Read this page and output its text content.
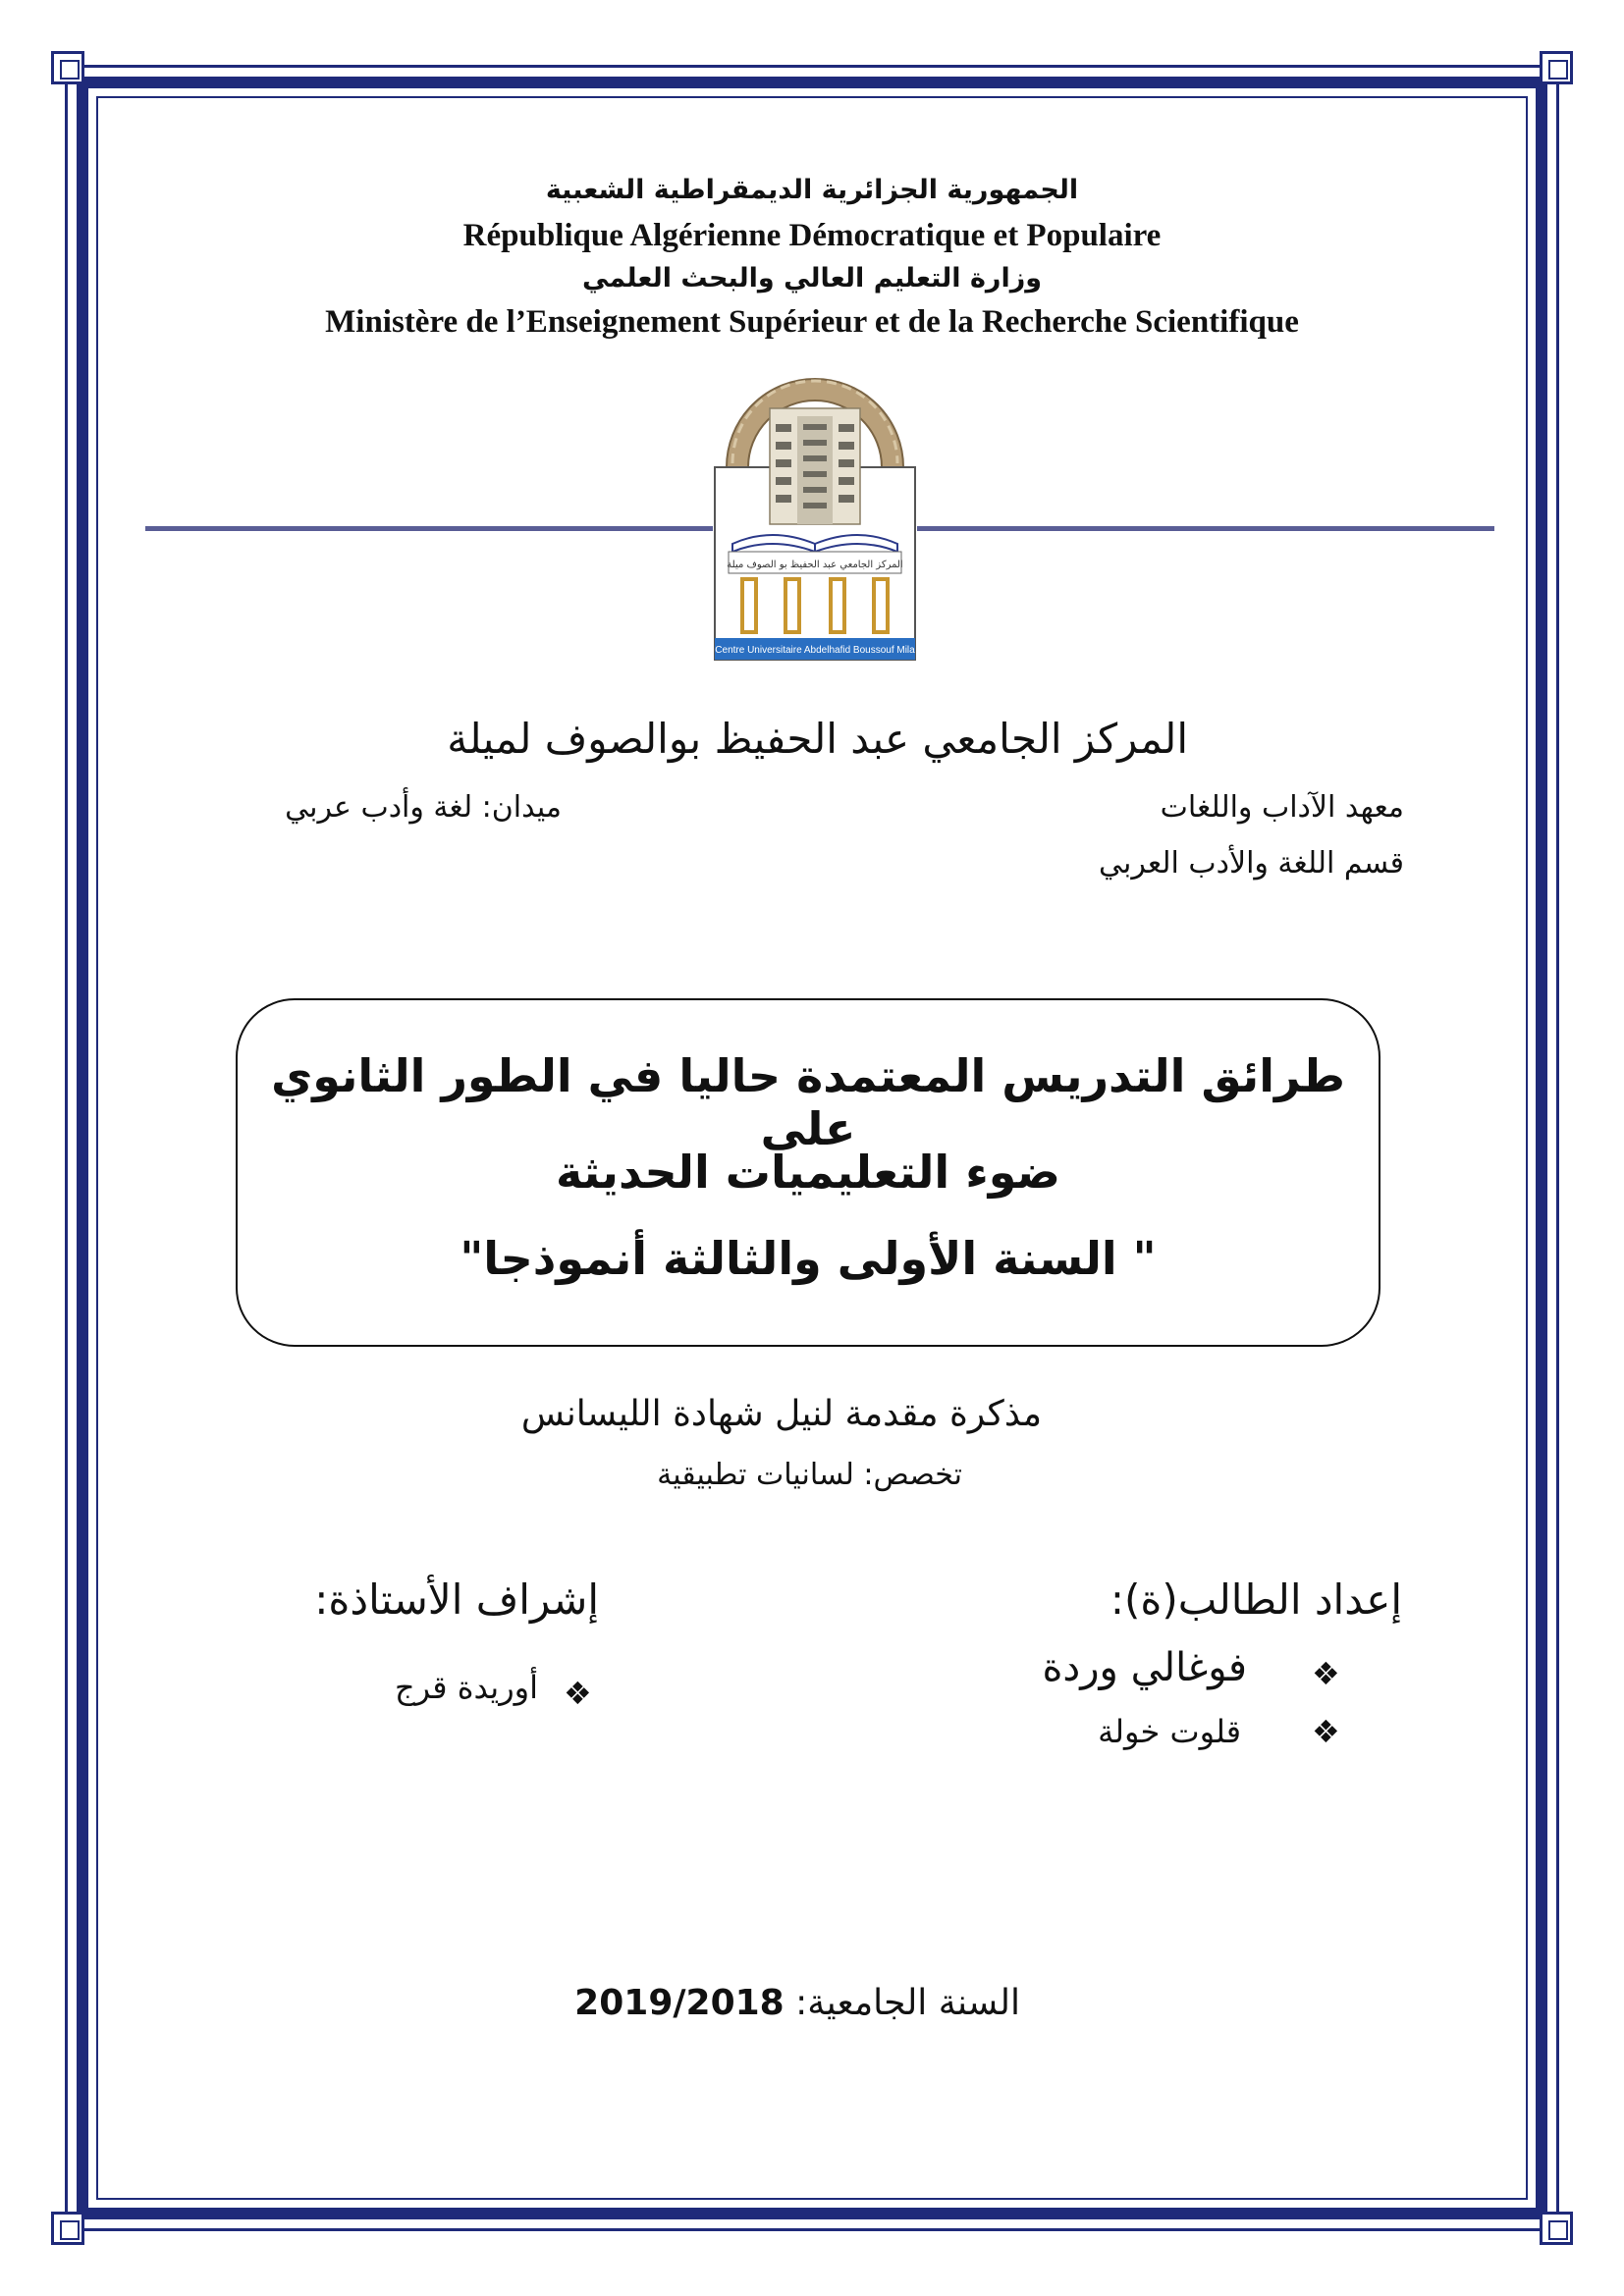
الجمهورية الجزائرية الديمقراطية الشعبية
République Algérienne Démocratique et Populaire
وزارة التعليم العالي والبحث العلمي
Ministère de l’Enseignement Supérieur et de la Recherche Scientifique
المركز الجامعي عبد الحفيظ بو الصوف ميلة
Centre Universitaire Abdelhafid Boussouf Mila
المركز الجامعي عبد الحفيظ بوالصوف لميلة
معهد الآداب واللغات
ميدان: لغة وأدب عربي
قسم اللغة والأدب العربي
طرائق التدريس المعتمدة حاليا في الطور الثانوي على
ضوء التعليميات الحديثة
" السنة الأولى والثالثة أنموذجا"
مذكرة مقدمة لنيل شهادة الليسانس
تخصص: لسانيات تطبيقية
إعداد الطالب(ة):
❖
فوغالي وردة
❖
قلوت خولة
إشراف الأستاذة:
❖
أوريدة قرج
السنة الجامعية: 2019/2018
